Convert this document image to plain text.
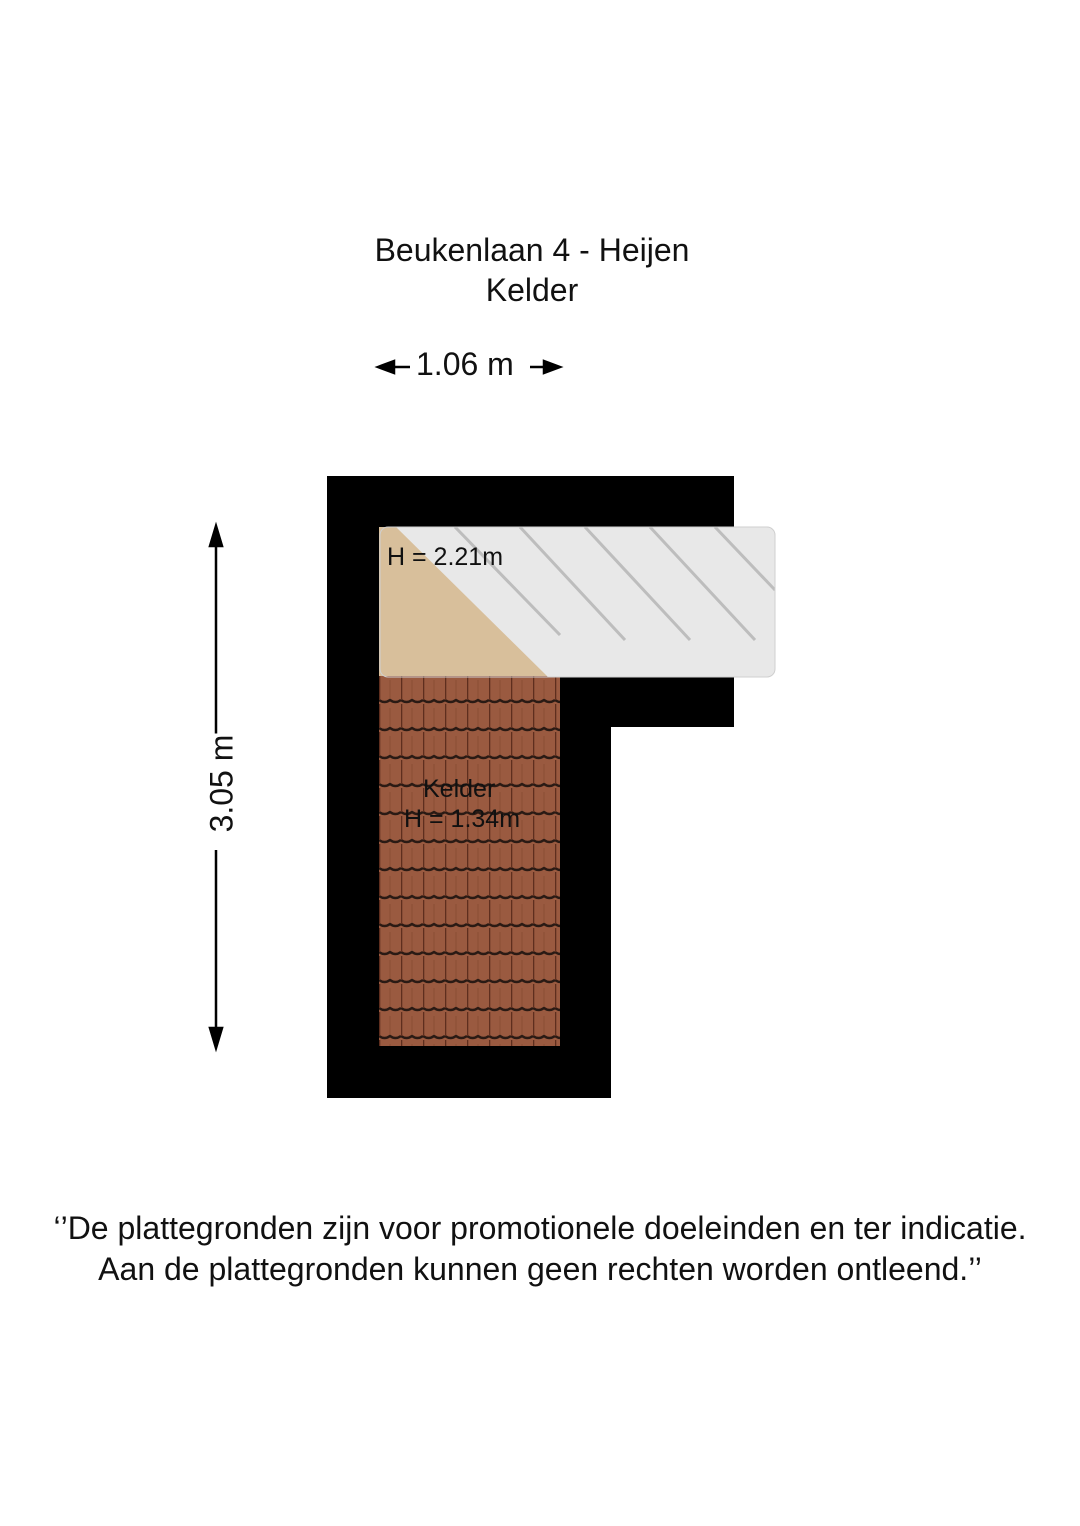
Beukenlaan 4 - Heijen
Kelder
1.06 m
3.05 m
H = 2.21m
Kelder
H = 1.34m
‘’De plattegronden zijn voor promotionele doeleinden en ter indicatie.
Aan de plattegronden kunnen geen rechten worden ontleend.’’
